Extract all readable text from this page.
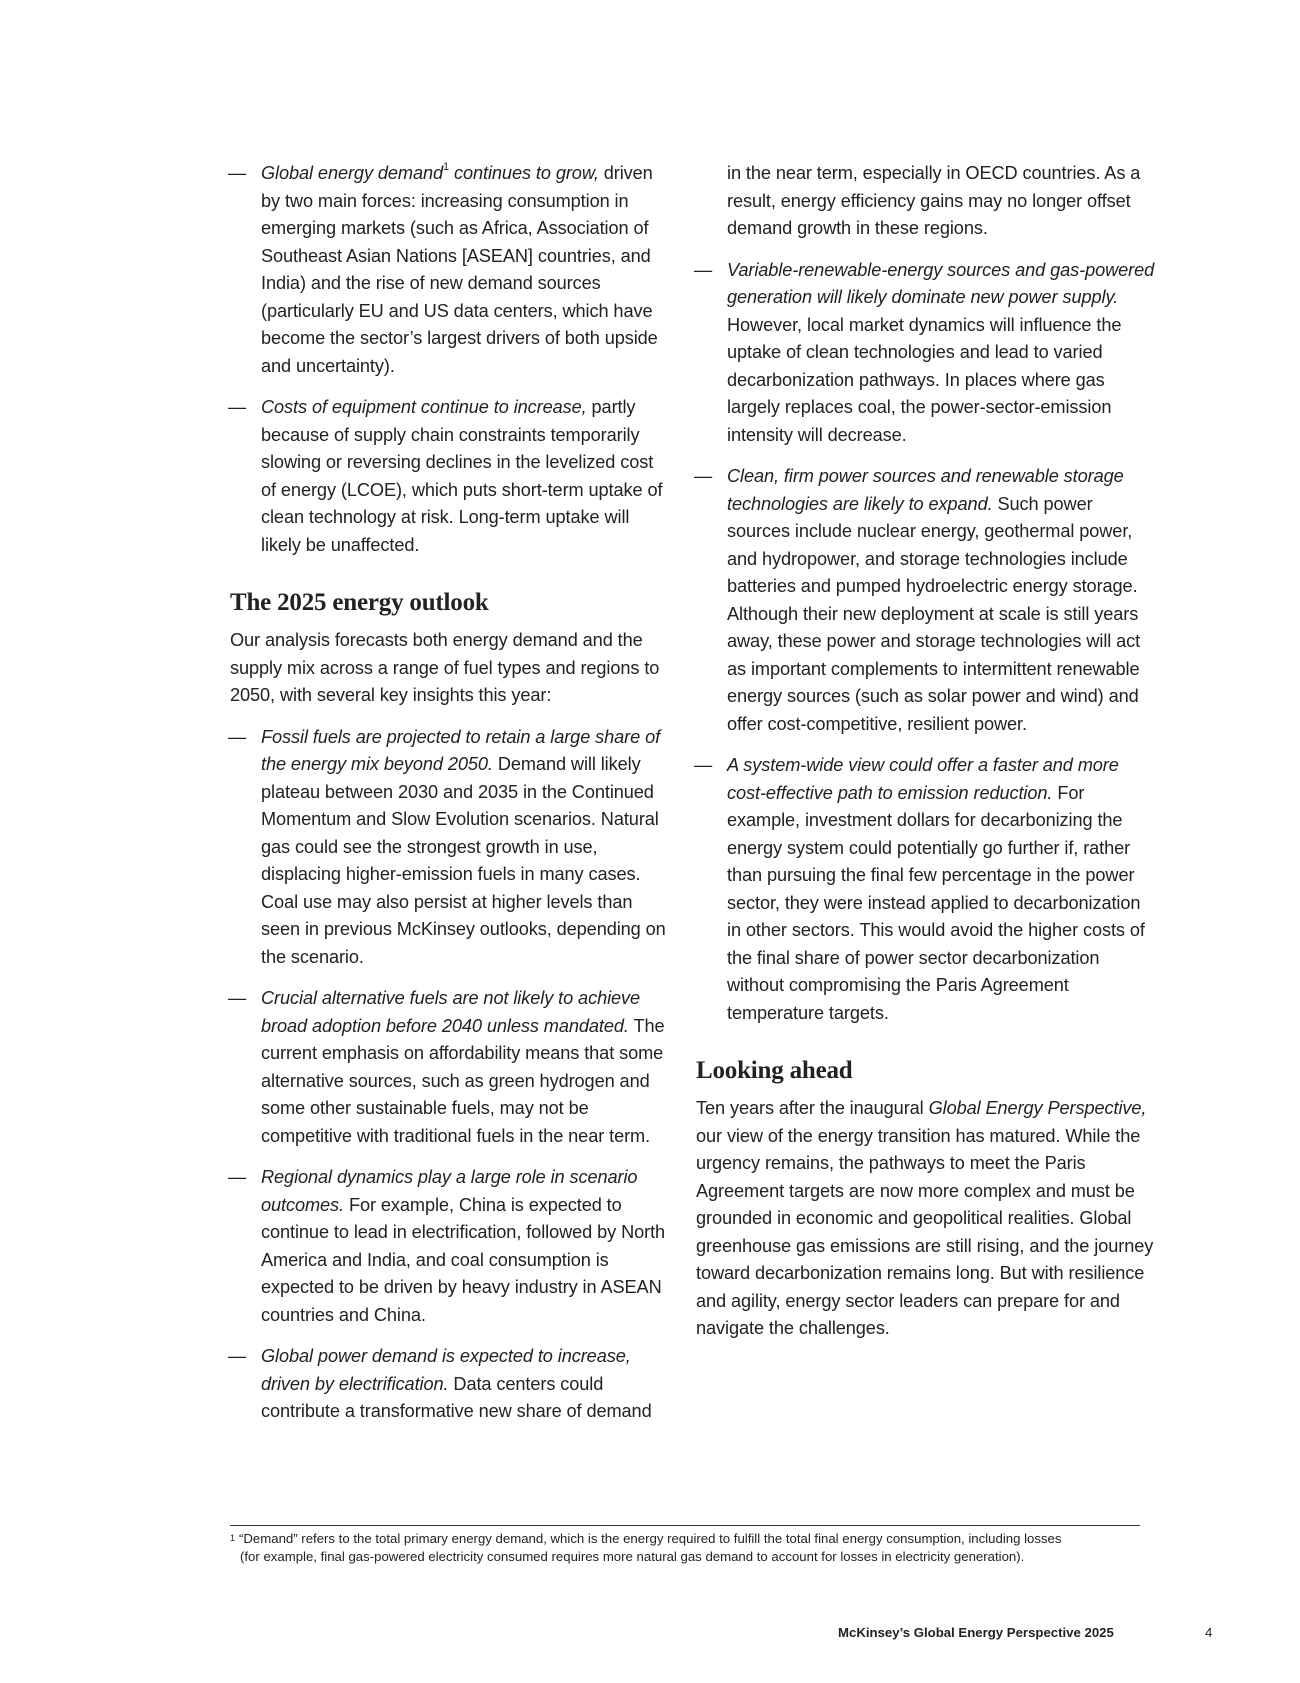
— Global energy demand$^1$ continues to grow, driven by two main forces: increasing consumption in emerging markets (such as Africa, Association of Southeast Asian Nations [ASEAN] countries, and India) and the rise of new demand sources (particularly EU and US data centers, which have become the sector’s largest drivers of both upside and uncertainty).
— Costs of equipment continue to increase, partly because of supply chain constraints temporarily slowing or reversing declines in the levelized cost of energy (LCOE), which puts short-term uptake of clean technology at risk. Long-term uptake will likely be unaffected.
The 2025 energy outlook

Our analysis forecasts both energy demand and the supply mix across a range of fuel types and regions to 2050, with several key insights this year:

— Fossil fuels are projected to retain a large share of the energy mix beyond 2050. Demand will likely plateau between 2030 and 2035 in the Continued Momentum and Slow Evolution scenarios. Natural gas could see the strongest growth in use, displacing higher-emission fuels in many cases. Coal use may also persist at higher levels than seen in previous McKinsey outlooks, depending on the scenario.
— Crucial alternative fuels are not likely to achieve broad adoption before 2040 unless mandated. The current emphasis on affordability means that some alternative sources, such as green hydrogen and some other sustainable fuels, may not be competitive with traditional fuels in the near term.
— Regional dynamics play a large role in scenario outcomes. For example, China is expected to continue to lead in electrification, followed by North America and India, and coal consumption is expected to be driven by heavy industry in ASEAN countries and China.
— Global power demand is expected to increase, driven by electrification. Data centers could contribute a transformative new share of demand

in the near term, especially in OECD countries. As a result, energy efficiency gains may no longer offset demand growth in these regions.

— Variable-renewable-energy sources and gas-powered generation will likely dominate new power supply. However, local market dynamics will influence the uptake of clean technologies and lead to varied decarbonization pathways. In places where gas largely replaces coal, the power-sector-emission intensity will decrease.
— Clean, firm power sources and renewable storage technologies are likely to expand. Such power sources include nuclear energy, geothermal power, and hydropower, and storage technologies include batteries and pumped hydroelectric energy storage. Although their new deployment at scale is still years away, these power and storage technologies will act as important complements to intermittent renewable energy sources (such as solar power and wind) and offer cost-competitive, resilient power.
— A system-wide view could offer a faster and more cost-effective path to emission reduction. For example, investment dollars for decarbonizing the energy system could potentially go further if, rather than pursuing the final few percentage in the power sector, they were instead applied to decarbonization in other sectors. This would avoid the higher costs of the final share of power sector decarbonization without compromising the Paris Agreement temperature targets.
Looking ahead

Ten years after the inaugural Global Energy Perspective, our view of the energy transition has matured. While the urgency remains, the pathways to meet the Paris Agreement targets are now more complex and must be grounded in economic and geopolitical realities. Global greenhouse gas emissions are still rising, and the journey toward decarbonization remains long. But with resilience and agility, energy sector leaders can prepare for and navigate the challenges.

$^1$ “Demand” refers to the total primary energy demand, which is the energy required to fulfill the total final energy consumption, including losses
(for example, final gas-powered electricity consumed requires more natural gas demand to account for losses in electricity generation).
McKinsey’s Global Energy Perspective 2025	4
